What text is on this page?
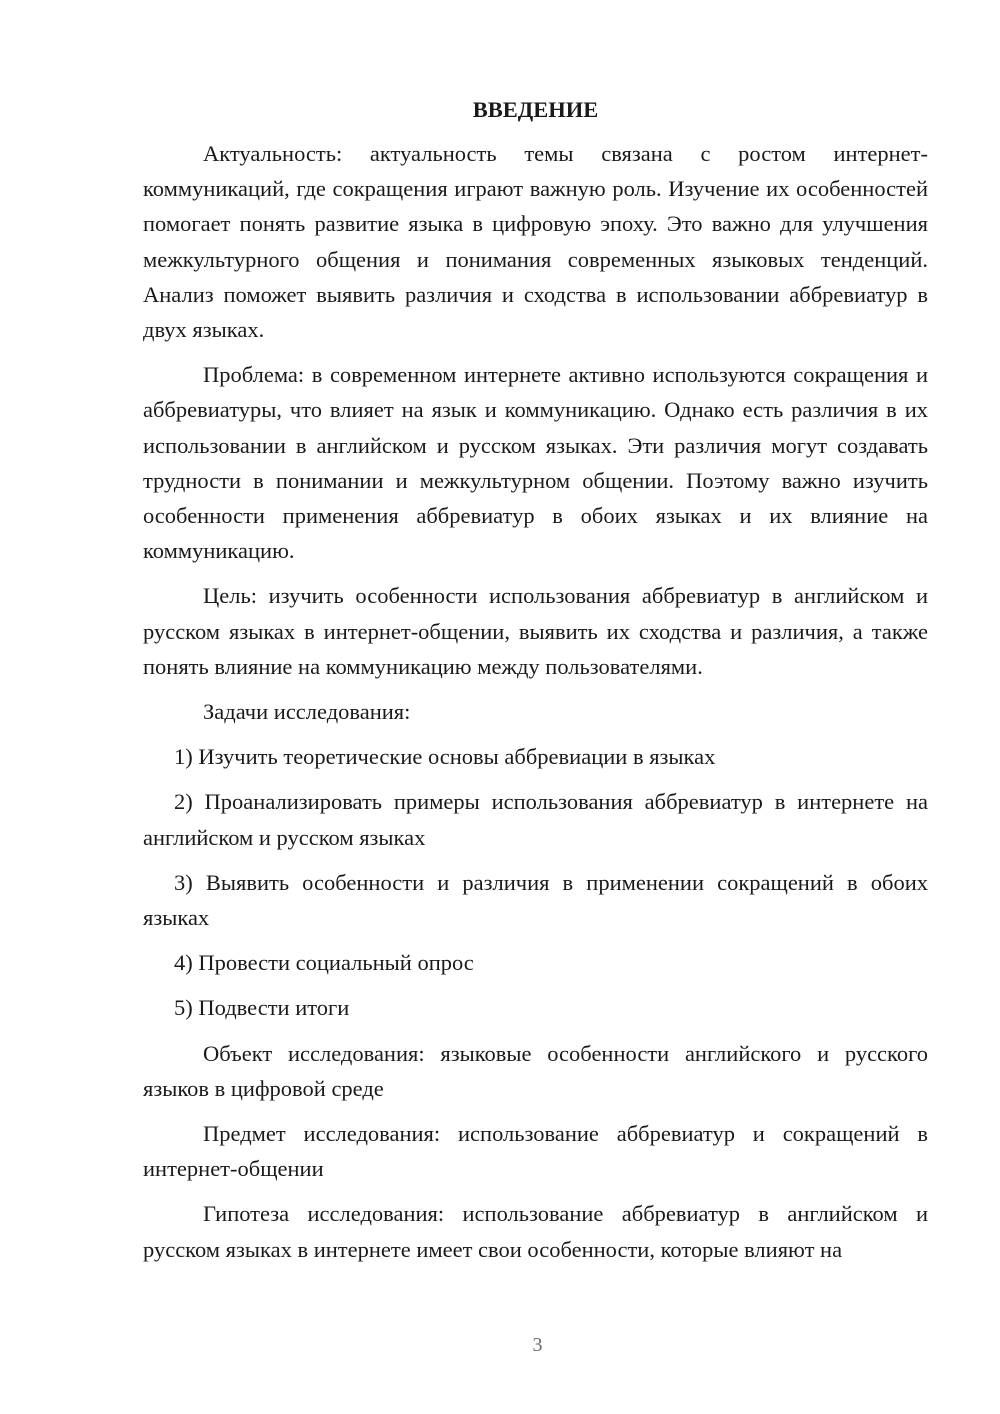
ВВЕДЕНИЕ

Актуальность: актуальность темы связана с ростом интернет-коммуникаций, где сокращения играют важную роль. Изучение их особенностей помогает понять развитие языка в цифровую эпоху. Это важно для улучшения межкультурного общения и понимания современных языковых тенденций. Анализ поможет выявить различия и сходства в использовании аббревиатур в двух языках.

Проблема: в современном интернете активно используются сокращения и аббревиатуры, что влияет на язык и коммуникацию. Однако есть различия в их использовании в английском и русском языках. Эти различия могут создавать трудности в понимании и межкультурном общении. Поэтому важно изучить особенности применения аббревиатур в обоих языках и их влияние на коммуникацию.

Цель: изучить особенности использования аббревиатур в английском и русском языках в интернет-общении, выявить их сходства и различия, а также понять влияние на коммуникацию между пользователями.

Задачи исследования:

1) Изучить теоретические основы аббревиации в языках

2) Проанализировать примеры использования аббревиатур в интернете на английском и русском языках

3) Выявить особенности и различия в применении сокращений в обоих языках

4) Провести социальный опрос

5) Подвести итоги

Объект исследования: языковые особенности английского и русского языков в цифровой среде

Предмет исследования: использование аббревиатур и сокращений в интернет-общении

Гипотеза исследования: использование аббревиатур в английском и русском языках в интернете имеет свои особенности, которые влияют на

3
